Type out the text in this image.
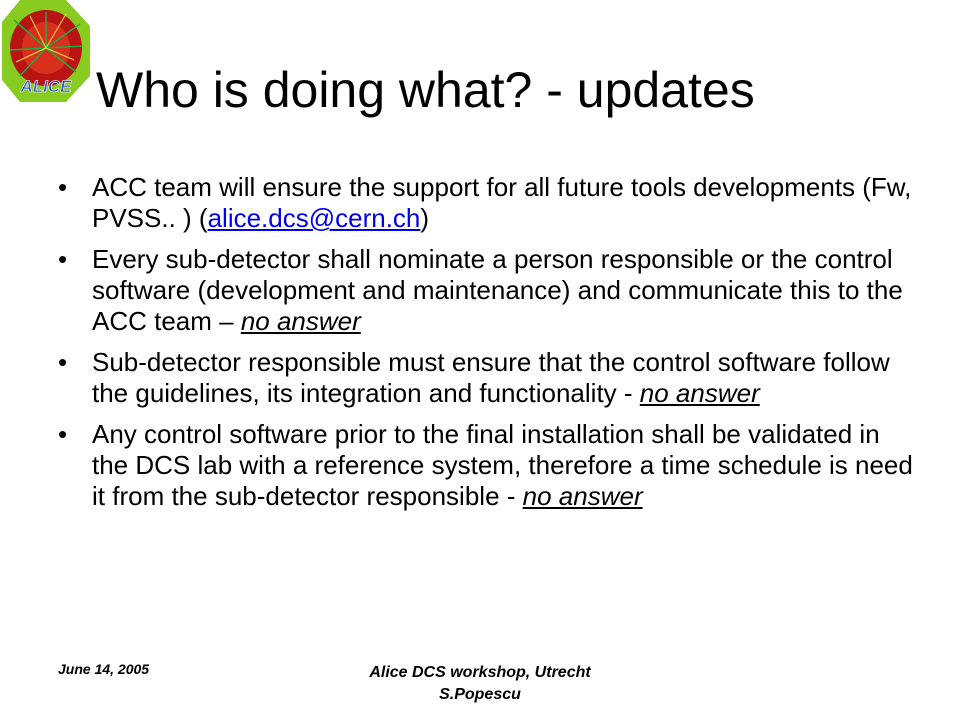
ALICE Who is doing what? - updates
• ACC team will ensure the support for all future tools developments (Fw, PVSS.. ) (alice.dcs@cern.ch)
• Every sub-detector shall nominate a person responsible or the control software (development and maintenance) and communicate this to the ACC team – no answer
• Sub-detector responsible must ensure that the control software follow the guidelines, its integration and functionality - no answer
• Any control software prior to the final installation shall be validated in the DCS lab with a reference system, therefore a time schedule is need it from the sub-detector responsible - no answer
June 14, 2005	Alice DCS workshop, Utrecht
S.Popescu
